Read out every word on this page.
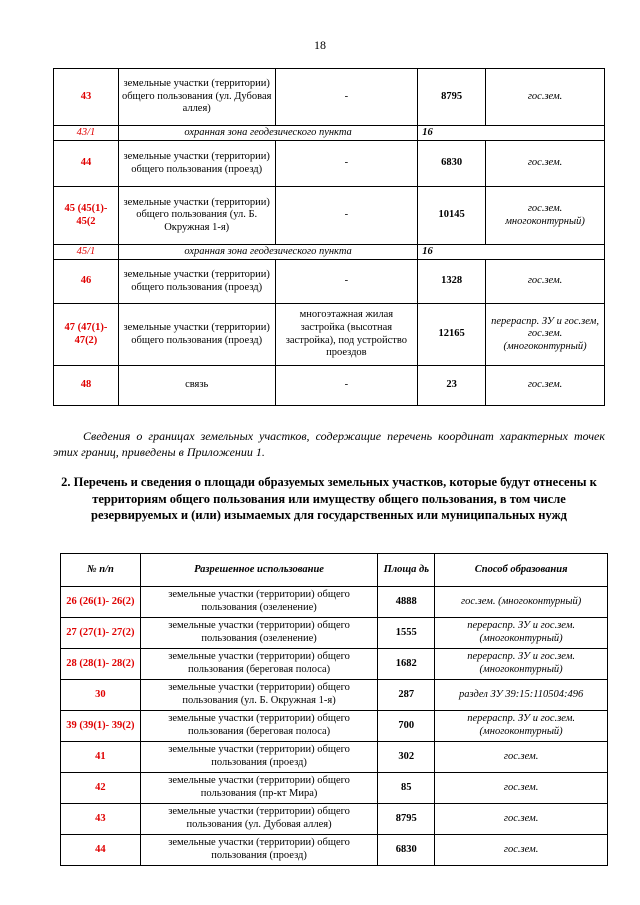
18
43	земельные участки (территории) общего пользования (ул. Дубовая аллея)	-	8795	гос.зем.
43/1	охранная зона геодезического пункта		16	
44	земельные участки (территории) общего пользования (проезд)	-	6830	гос.зем.
45 (45(1)- 45(2	земельные участки (территории) общего пользования (ул. Б. Окружная 1-я)	-	10145	гос.зем. многоконтурный)
45/1	охранная зона геодезического пункта		16	
46	земельные участки (территории) общего пользования (проезд)	-	1328	гос.зем.
47 (47(1)- 47(2)	земельные участки (территории) общего пользования (проезд)	многоэтажная жилая застройка (высотная застройка), под устройство проездов	12165	перераспр. ЗУ и гос.зем, гос.зем. (многоконтурный)
48	связь	-	23	гос.зем.
Сведения о границах земельных участков, содержащие перечень координат характерных точек этих границ, приведены в Приложении 1.
2. Перечень и сведения о площади образуемых земельных участков, которые будут отнесены к территориям общего пользования или имуществу общего пользования, в том числе резервируемых и (или) изымаемых для государственных или муниципальных нужд
№ п/п	Разрешенное использование	Площа дь	Способ образования
26 (26(1)- 26(2)	земельные участки (территории) общего пользования (озеленение)	4888	гос.зем. (многоконтурный)
27 (27(1)- 27(2)	земельные участки (территории) общего пользования (озеленение)	1555	перераспр. ЗУ и гос.зем. (многоконтурный)
28 (28(1)- 28(2)	земельные участки (территории) общего пользования (береговая полоса)	1682	перераспр. ЗУ и гос.зем. (многоконтурный)
30	земельные участки (территории) общего пользования (ул. Б. Окружная 1-я)	287	раздел ЗУ 39:15:110504:496
39 (39(1)- 39(2)	земельные участки (территории) общего пользования (береговая полоса)	700	перераспр. ЗУ и гос.зем. (многоконтурный)
41	земельные участки (территории) общего пользования (проезд)	302	гос.зем.
42	земельные участки (территории) общего пользования (пр-кт Мира)	85	гос.зем.
43	земельные участки (территории) общего пользования (ул. Дубовая аллея)	8795	гос.зем.
44	земельные участки (территории) общего пользования (проезд)	6830	гос.зем.
